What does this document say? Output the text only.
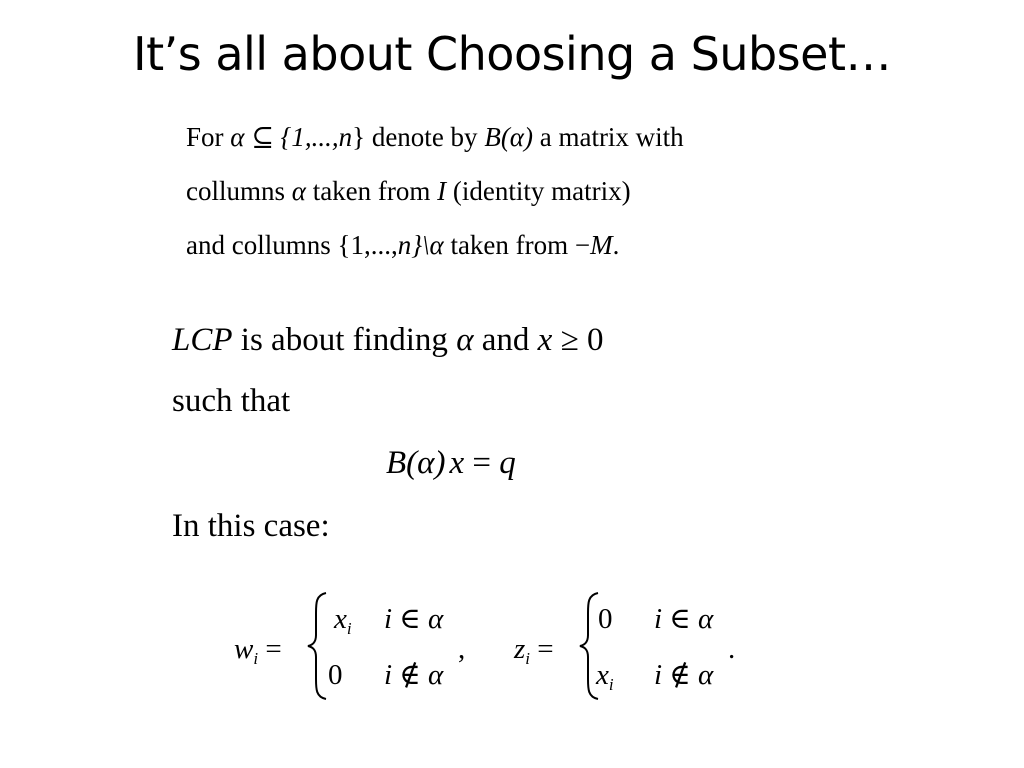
It’s all about Choosing a Subset…
For α ⊆ {1,...,n} denote by B(α) a matrix with
collumns α taken from I (identity matrix)
and collumns {1,...,n}\α taken from −M.
LCP is about finding α and x ≥ 0
such that
B(α) x = q
In this case:
$w_i$ =
$x_i$ i ∈ α
0 i ∉ α
, $z_i$ =
0 i ∈ α
$x_i$ i ∉ α
.
